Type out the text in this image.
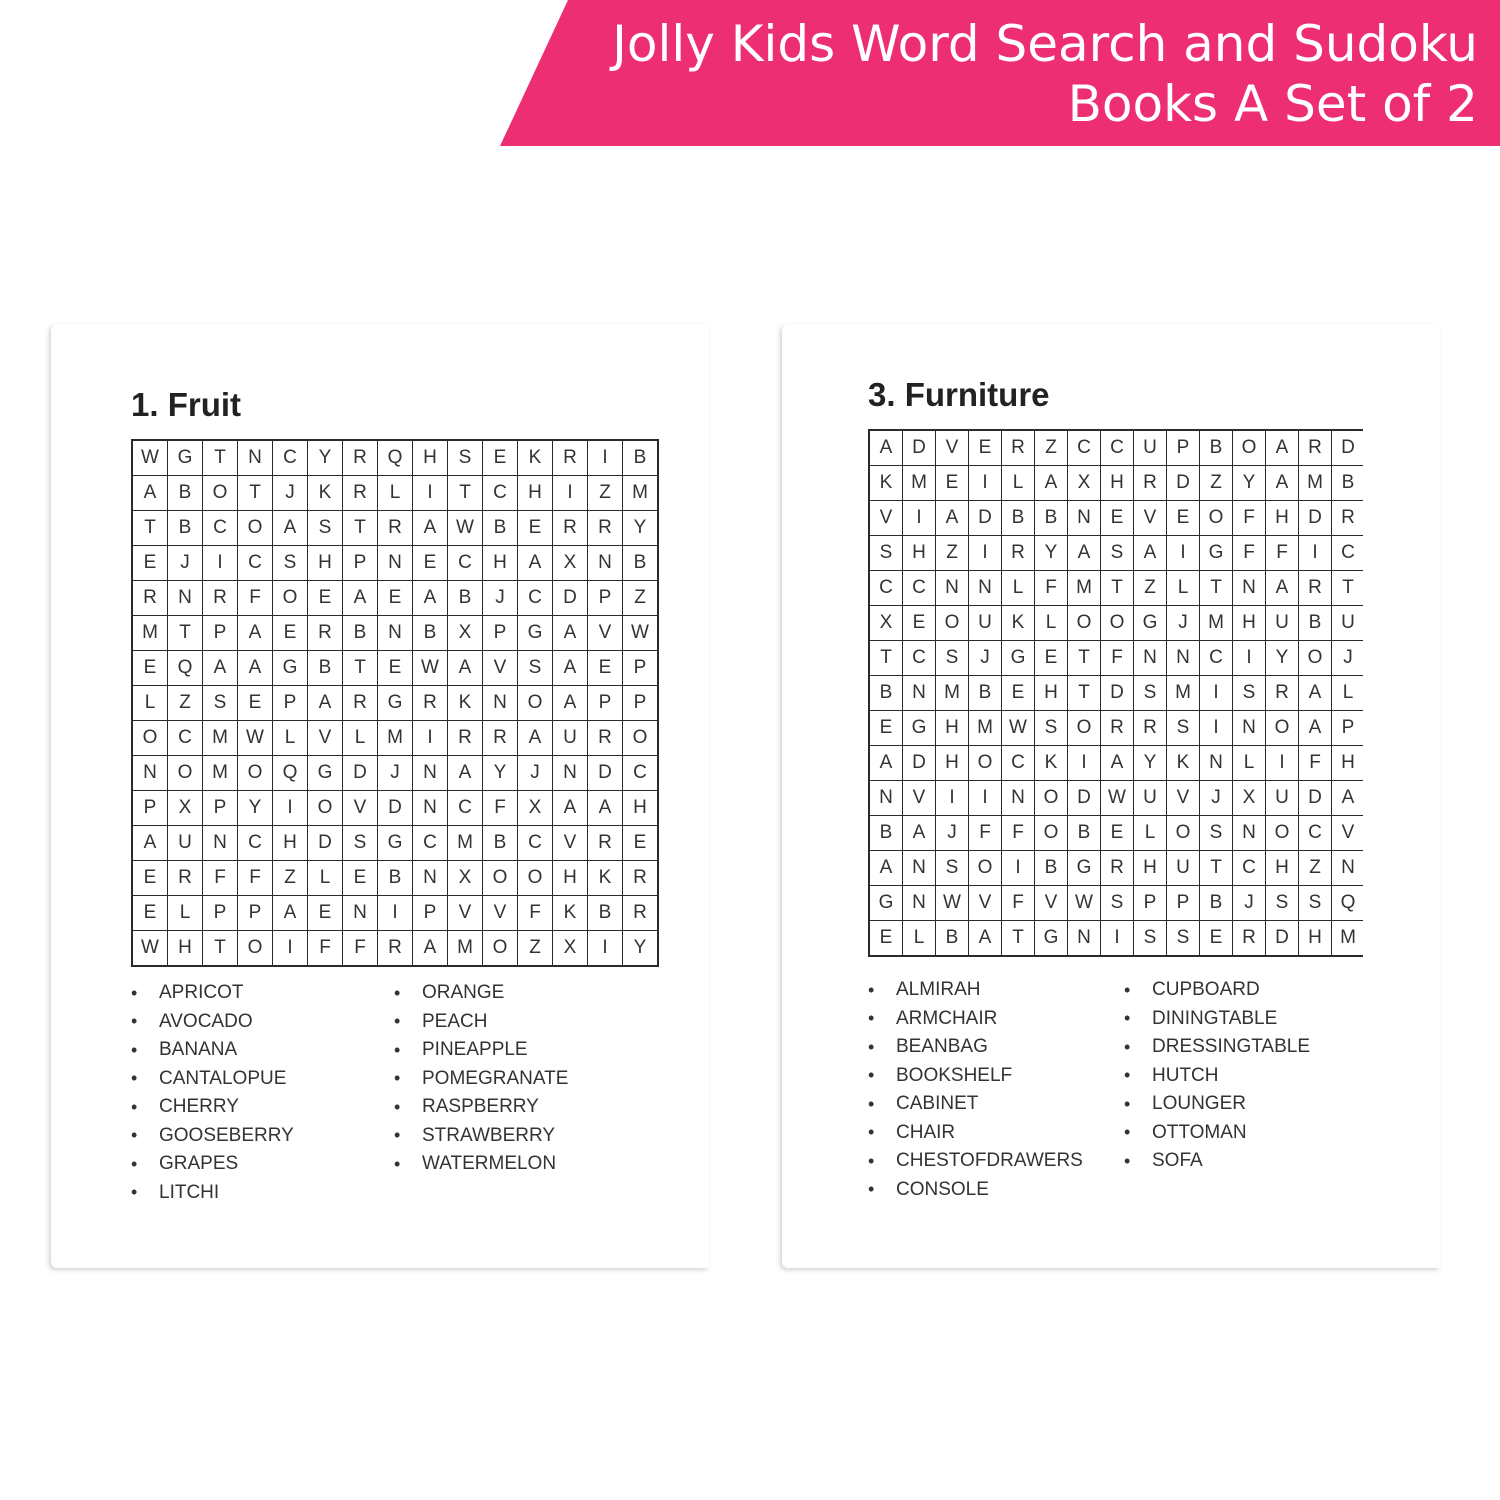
Jolly Kids Word Search and Sudoku
Books A Set of 2
1. Fruit
W G	T	N	C	Y	R	Q	H	S	E	K	R	I	B
A	B	O	T	J	K	R	L	I	T	C	H	I	Z	M
T	B	C	O	A	S	T	R	A	W	B	E	R	R	Y
E	J	I	C	S	H	P	N	E	C	H	A	X	N	B
R	N	R	F	O	E	A	E	A	B	J	C	D	P	Z
M	T	P	A	E	R	B	N	B	X	P	G	A	V	W
E	Q	A	A	G	B	T	E	W	A	V	S	A	E	P
L	Z	S	E	P	A	R	G	R	K	N	O	A	P	P
O	C	M W	L	V	L	M	I	R	R	A	U	R	O
N	O	M	O	Q	G	D	J	N	A	Y	J	N	D	C
P	X	P	Y	I	O	V	D	N	C	F	X	A	A	H
A	U	N	C	H	D	S	G	C	M	B	C	V	R	E
E	R	F	F	Z	L	E	B	N	X	O	O	H	K	R
E	L	P	P	A	E	N	I	P	V	V	F	K	B	R
W	H	T	O	I	F	F	R	A	M	O	Z	X	I	Y
• APRICOT
• AVOCADO
• BANANA
• CANTALOPUE
• CHERRY
• GOOSEBERRY
• GRAPES
• LITCHI
• ORANGE
• PEACH
• PINEAPPLE
• POMEGRANATE
• RASPBERRY
• STRAWBERRY
• WATERMELON
3. Furniture
A	D	V	E	R	Z	C	C	U	P	B	O	A	R	D
K M E	I	L	A	X	H	R	D	Z	Y	A M B
V	I	A	D	B	B	N	E	V	E	O	F	H	D	R
S	H	Z	I	R	Y	A	S	A	I	G	F	F	I	C
C	C	N	N	L	F	M	T	Z	L	T	N	A	R	T
X	E	O U	K	L	O O G	J	M H	U	B	U
T	C	S	J	G	E	T	F	N	N	C	I	Y	O	J
B	N M B	E	H	T	D	S M	I	S	R	A	L
E	G H M W S	O R	R	S	I	N O	A	P
A	D	H O C	K	I	A	Y	K	N	L	I	F	H
N	V	I	I	N O D W U	V	J	X	U	D	A
B	A	J	F	F	O	B	E	L	O	S	N O C	V
A	N	S	O	I	B	G R	H	U	T	C	H	Z	N
G N W V	F	V W S	P	P	B	J	S	S	Q
E	L	B	A	T	G N	I	S	S	E	R	D	H M
• ALMIRAH
• ARMCHAIR
• BEANBAG
• BOOKSHELF
• CABINET
• CHAIR
• CHESTOFDRAWERS
• CONSOLE
• CUPBOARD
• DININGTABLE
• DRESSINGTABLE
• HUTCH
• LOUNGER
• OTTOMAN
• SOFA
